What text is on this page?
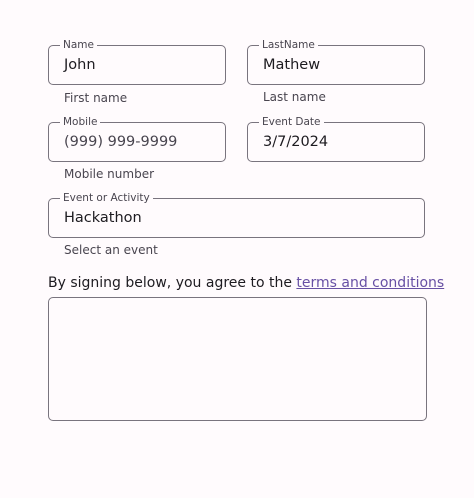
Name
John
First name
LastName
Mathew
Last name
Mobile
(999) 999-9999
Mobile number
Event Date
3/7/2024
Event or Activity
Hackathon
Select an event
By signing below, you agree to the terms and conditions
